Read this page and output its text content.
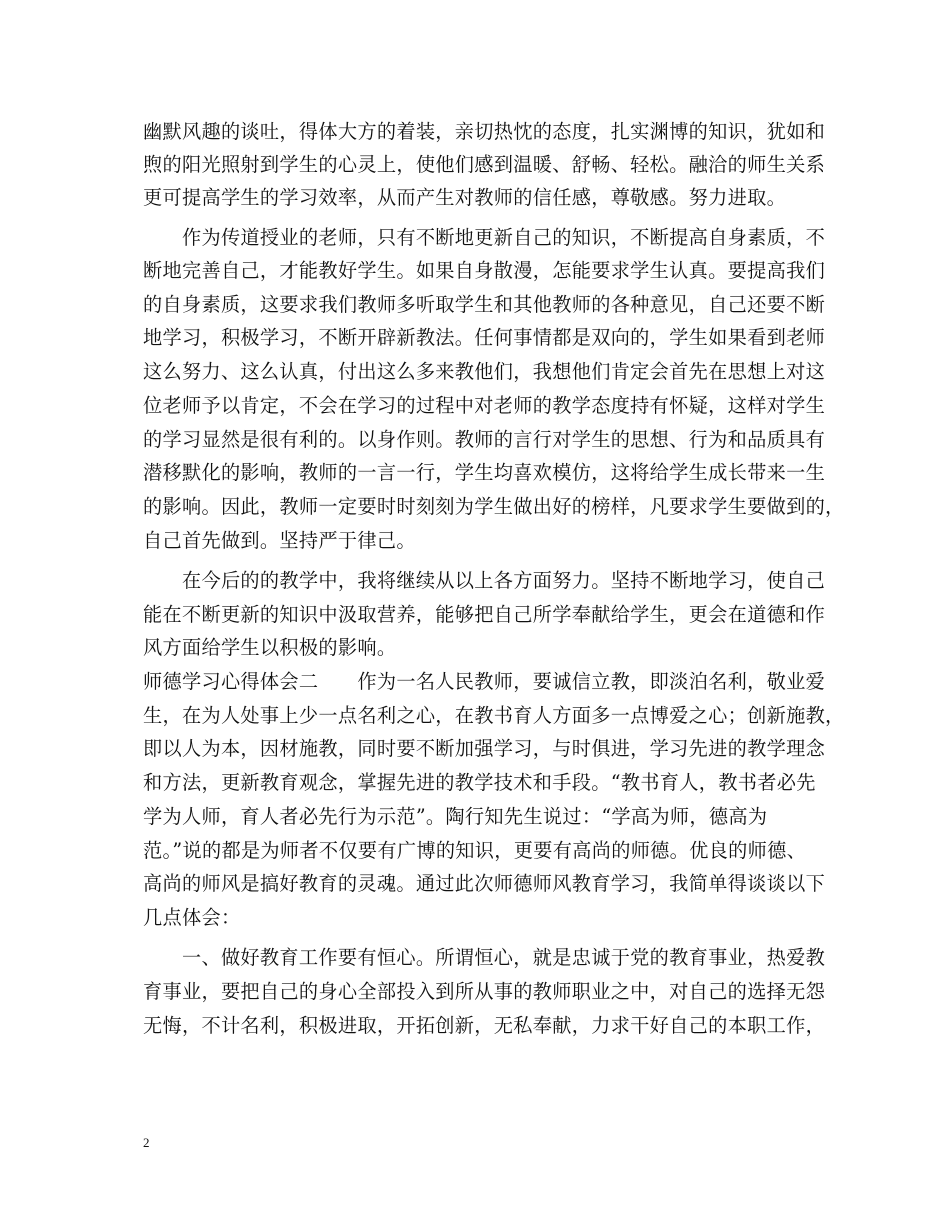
幽默风趣的谈吐，得体大方的着装，亲切热忱的态度，扎实渊博的知识，犹如和
煦的阳光照射到学生的心灵上，使他们感到温暖、舒畅、轻松。融洽的师生关系
更可提高学生的学习效率，从而产生对教师的信任感，尊敬感。努力进取。
　　作为传道授业的老师，只有不断地更新自己的知识，不断提高自身素质，不
断地完善自己，才能教好学生。如果自身散漫，怎能要求学生认真。要提高我们
的自身素质，这要求我们教师多听取学生和其他教师的各种意见，自己还要不断
地学习，积极学习，不断开辟新教法。任何事情都是双向的，学生如果看到老师
这么努力、这么认真，付出这么多来教他们，我想他们肯定会首先在思想上对这
位老师予以肯定，不会在学习的过程中对老师的教学态度持有怀疑，这样对学生
的学习显然是很有利的。以身作则。教师的言行对学生的思想、行为和品质具有
潜移默化的影响，教师的一言一行，学生均喜欢模仿，这将给学生成长带来一生
的影响。因此，教师一定要时时刻刻为学生做出好的榜样，凡要求学生要做到的，
自己首先做到。坚持严于律己。
　　在今后的的教学中，我将继续从以上各方面努力。坚持不断地学习，使自己
能在不断更新的知识中汲取营养，能够把自己所学奉献给学生，更会在道德和作
风方面给学生以积极的影响。
师德学习心得体会二　　作为一名人民教师，要诚信立教，即淡泊名利，敬业爱
生，在为人处事上少一点名利之心，在教书育人方面多一点博爱之心；创新施教，
即以人为本，因材施教，同时要不断加强学习，与时俱进，学习先进的教学理念
和方法，更新教育观念，掌握先进的教学技术和手段。“教书育人，教书者必先
学为人师，育人者必先行为示范”。陶行知先生说过：“学高为师，德高为
范。”说的都是为师者不仅要有广博的知识，更要有高尚的师德。优良的师德、
高尚的师风是搞好教育的灵魂。通过此次师德师风教育学习，我简单得谈谈以下
几点体会：
　　一、做好教育工作要有恒心。所谓恒心，就是忠诚于党的教育事业，热爱教
育事业，要把自己的身心全部投入到所从事的教师职业之中，对自己的选择无怨
无悔，不计名利，积极进取，开拓创新，无私奉献，力求干好自己的本职工作，
2
